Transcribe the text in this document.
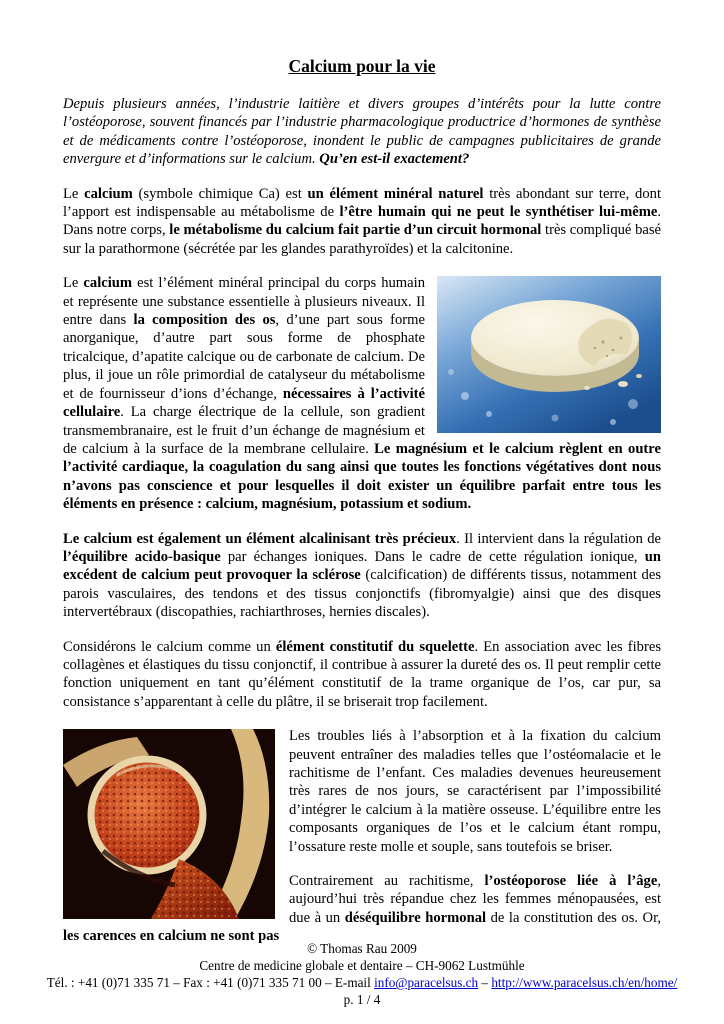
Calcium pour la vie

Depuis plusieurs années, l’industrie laitière et divers groupes d’intérêts pour la lutte contre l’ostéoporose, souvent financés par l’industrie pharmacologique productrice d’hormones de synthèse et de médicaments contre l’ostéoporose, inondent le public de campagnes publicitaires de grande envergure et d’informations sur le calcium. Qu’en est-il exactement?

Le calcium (symbole chimique Ca) est un élément minéral naturel très abondant sur terre, dont l’apport est indispensable au métabolisme de l’être humain qui ne peut le synthétiser lui-même. Dans notre corps, le métabolisme du calcium fait partie d’un circuit hormonal très compliqué basé sur la parathormone (sécrétée par les glandes parathyroïdes) et la calcitonine.

Le calcium est l’élément minéral principal du corps humain et représente une substance essentielle à plusieurs niveaux. Il entre dans la composition des os, d’une part sous forme anorganique, d’autre part sous forme de phosphate tricalcique, d’apatite calcique ou de carbonate de calcium. De plus, il joue un rôle primordial de catalyseur du métabolisme et de fournisseur d’ions d’échange, nécessaires à l’activité cellulaire. La charge électrique de la cellule, son gradient transmembranaire, est le fruit d’un échange de magnésium et de calcium à la surface de la membrane cellulaire. Le magnésium et le calcium règlent en outre l’activité cardiaque, la coagulation du sang ainsi que toutes les fonctions végétatives dont nous n’avons pas conscience et pour lesquelles il doit exister un équilibre parfait entre tous les éléments en présence : calcium, magnésium, potassium et sodium.

Le calcium est également un élément alcalinisant très précieux. Il intervient dans la régulation de l’équilibre acido-basique par échanges ioniques. Dans le cadre de cette régulation ionique, un excédent de calcium peut provoquer la sclérose (calcification) de différents tissus, notamment des parois vasculaires, des tendons et des tissus conjonctifs (fibromyalgie) ainsi que des disques intervertébraux (discopathies, rachiarthroses, hernies discales).

Considérons le calcium comme un élément constitutif du squelette. En association avec les fibres collagènes et élastiques du tissu conjonctif, il contribue à assurer la dureté des os. Il peut remplir cette fonction uniquement en tant qu’élément constitutif de la trame organique de l’os, car pur, sa consistance s’apparentant à celle du plâtre, il se briserait trop facilement.

Les troubles liés à l’absorption et à la fixation du calcium peuvent entraîner des maladies telles que l’ostéomalacie et le rachitisme de l’enfant. Ces maladies devenues heureusement très rares de nos jours, se caractérisent par l’impossibilité d’intégrer le calcium à la matière osseuse. L’équilibre entre les composants organiques de l’os et le calcium étant rompu, l’ossature reste molle et souple, sans toutefois se briser.

Contrairement au rachitisme, l’ostéoporose liée à l’âge, aujourd’hui très répandue chez les femmes ménopausées, est due à un déséquilibre hormonal de la constitution des os. Or, les carences en calcium ne sont pas

© Thomas Rau 2009
Centre de medicine globale et dentaire – CH-9062 Lustmühle
Tél. : +41 (0)71 335 71 – Fax : +41 (0)71 335 71 00 – E-mail info@paracelsus.ch – http://www.paracelsus.ch/en/home/
p. 1 / 4
